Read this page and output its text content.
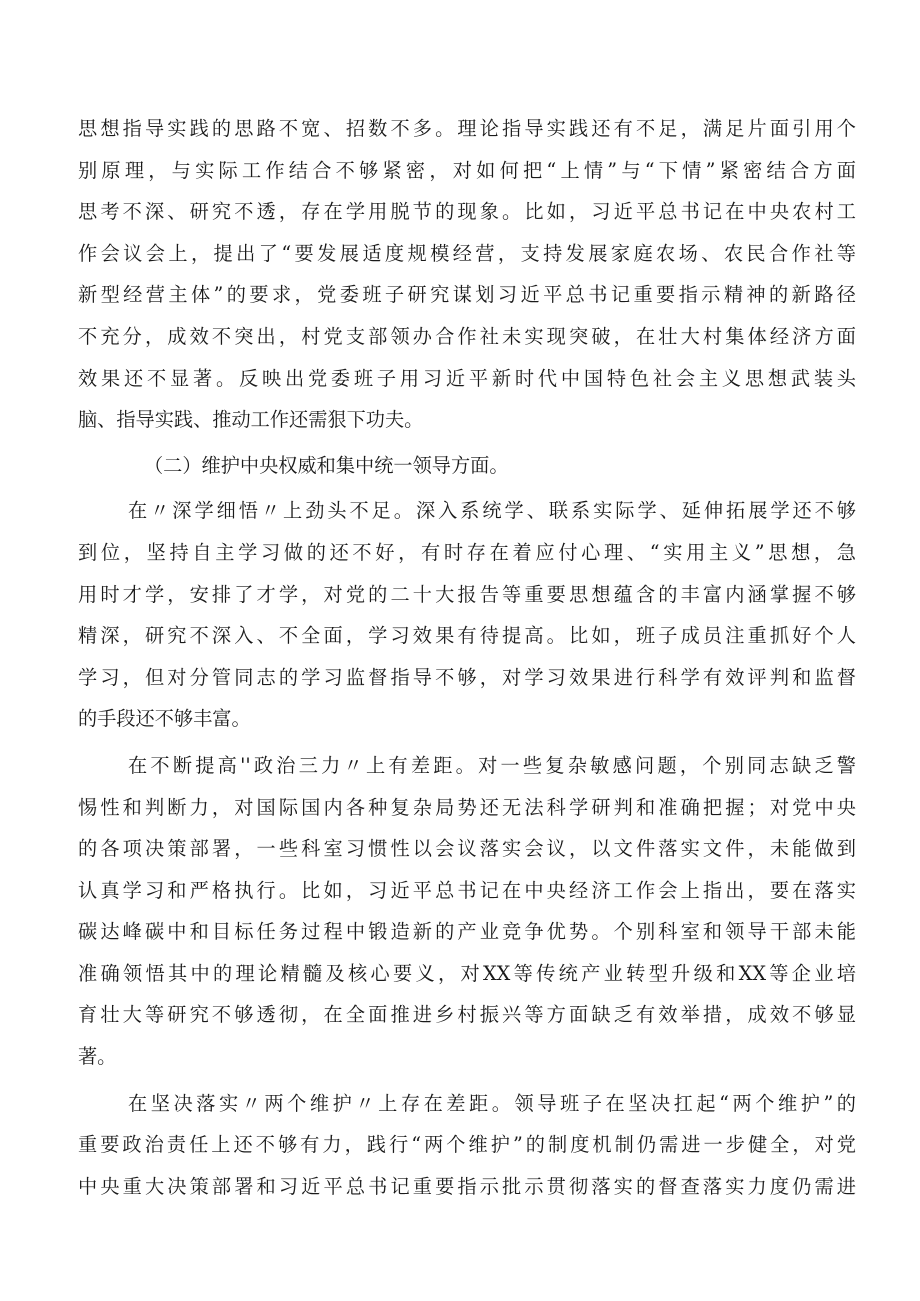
思想指导实践的思路不宽、招数不多。理论指导实践还有不足，满足片面引用个
别原理，与实际工作结合不够紧密，对如何把“上情”与“下情”紧密结合方面
思考不深、研究不透，存在学用脱节的现象。比如，习近平总书记在中央农村工
作会议会上，提出了“要发展适度规模经营，支持发展家庭农场、农民合作社等
新型经营主体”的要求，党委班子研究谋划习近平总书记重要指示精神的新路径
不充分，成效不突出，村党支部领办合作社未实现突破，在壮大村集体经济方面
效果还不显著。反映出党委班子用习近平新时代中国特色社会主义思想武装头
脑、指导实践、推动工作还需狠下功夫。
（二）维护中央权威和集中统一领导方面。
在〃深学细悟〃上劲头不足。深入系统学、联系实际学、延伸拓展学还不够
到位，坚持自主学习做的还不好，有时存在着应付心理、“实用主义”思想，急
用时才学，安排了才学，对党的二十大报告等重要思想蕴含的丰富内涵掌握不够
精深，研究不深入、不全面，学习效果有待提高。比如，班子成员注重抓好个人
学习，但对分管同志的学习监督指导不够，对学习效果进行科学有效评判和监督
的手段还不够丰富。
在不断提高''政治三力〃上有差距。对一些复杂敏感问题，个别同志缺乏警
惕性和判断力，对国际国内各种复杂局势还无法科学研判和准确把握；对党中央
的各项决策部署，一些科室习惯性以会议落实会议，以文件落实文件，未能做到
认真学习和严格执行。比如，习近平总书记在中央经济工作会上指出，要在落实
碳达峰碳中和目标任务过程中锻造新的产业竞争优势。个别科室和领导干部未能
准确领悟其中的理论精髓及核心要义，对XX等传统产业转型升级和XX等企业培
育壮大等研究不够透彻，在全面推进乡村振兴等方面缺乏有效举措，成效不够显
著。
在坚决落实〃两个维护〃上存在差距。领导班子在坚决扛起“两个维护”的
重要政治责任上还不够有力，践行“两个维护”的制度机制仍需进一步健全，对党
中央重大决策部署和习近平总书记重要指示批示贯彻落实的督查落实力度仍需进
